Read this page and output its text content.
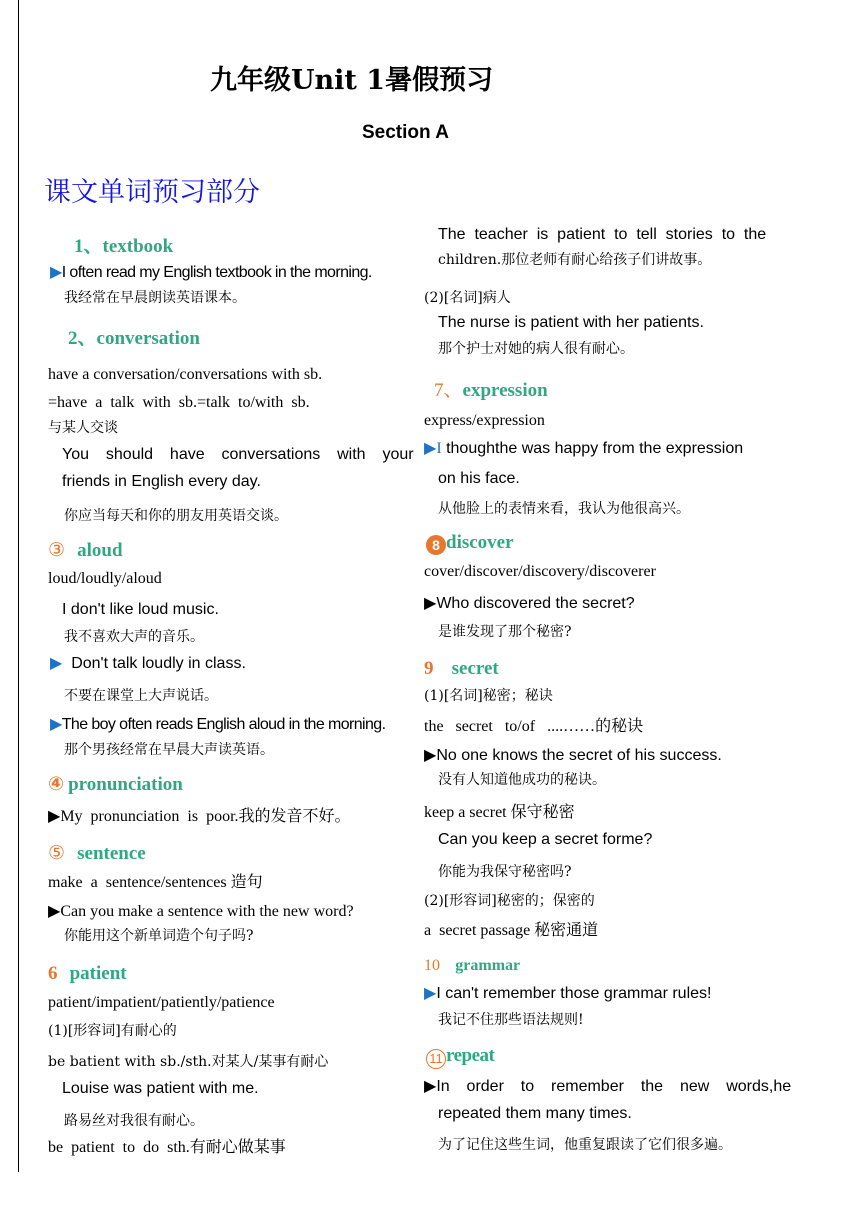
九年级Unit 1暑假预习
Section A
课文单词预习部分
1、textbook
▶I often read my English textbook in the morning.
我经常在早晨朗读英语课本。
2、conversation
have a conversation/conversations with sb.
=have  a  talk  with  sb.=talk  to/with  sb.
与某人交谈
You  should  have  conversations  with  your
friends in English every day.
你应当每天和你的朋友用英语交谈。
③ aloud
loud/loudly/aloud
I don't like loud music.
我不喜欢大声的音乐。
▶ Don't talk loudly in class.
不要在课堂上大声说话。
▶The boy often reads English aloud in the morning.
那个男孩经常在早晨大声读英语。
④ pronunciation
▶My  pronunciation  is  poor.我的发音不好。
⑤ sentence
make  a  sentence/sentences 造句
▶Can you make a sentence with the new word?
你能用这个新单词造个句子吗?
6 patient
patient/impatient/patiently/patience
(1)[形容词]有耐心的
be batient with sb./sth.对某人/某事有耐心
Louise was patient with me.
路易丝对我很有耐心。
be  patient  to  do  sth.有耐心做某事
The  teacher  is  patient  to  tell  stories  to  the
children.那位老师有耐心给孩子们讲故事。
(2)[名词]病人
The nurse is patient with her patients.
那个护士对她的病人很有耐心。
7、expression
express/expression
▶I thoughthe was happy from the expression
on his face.
从他脸上的表情来看，我认为他很高兴。
8 discover
cover/discover/discovery/discoverer
▶Who discovered the secret?
是谁发现了那个秘密?
9 secret
(1)[名词]秘密；秘诀
the   secret   to/of   ....……的秘诀
▶No one knows the secret of his success.
没有人知道他成功的秘诀。
keep a secret 保守秘密
Can you keep a secret forme?
你能为我保守秘密吗?
(2)[形容词]秘密的；保密的
a  secret passage 秘密通道
10 grammar
▶I can't remember those grammar rules!
我记不住那些语法规则!
11 repeat
▶In  order  to  remember  the  new  words,he
repeated them many times.
为了记住这些生词，他重复跟读了它们很多遍。
